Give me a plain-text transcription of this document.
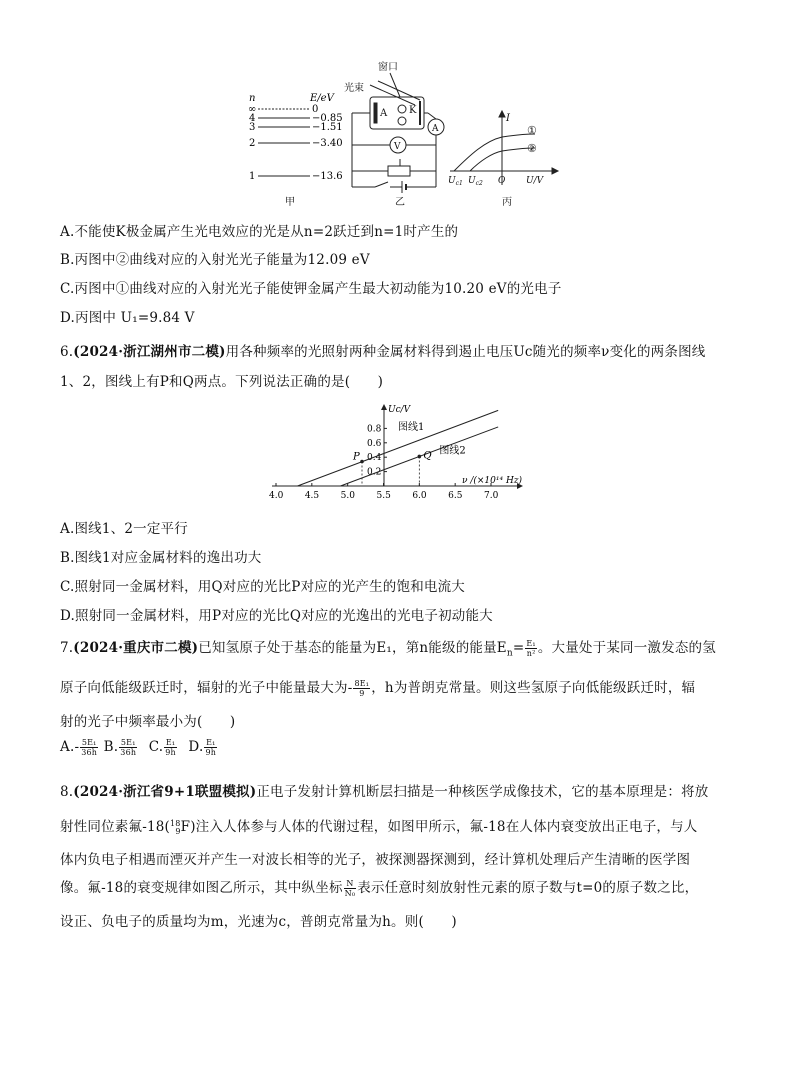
n	E/eV
∞
4
3
2
1
0
−0.85
−1.51
−3.40
−13.6
甲
窗口
光束
A K
A
V
乙
I
①
②
$U_{c1}$ $U_{c2}$ O U/V
丙
A.不能使K极金属产生光电效应的光是从n=2跃迁到n=1时产生的
B.丙图中②曲线对应的入射光光子能量为12.09 eV
C.丙图中①曲线对应的入射光光子能使钾金属产生最大初动能为10.20 eV的光电子
D.丙图中 U₁=9.84 V
6.(2024·浙江湖州市二模)用各种频率的光照射两种金属材料得到遏止电压Uc随光的频率ν变化的两条图线
1、2，图线上有P和Q两点。下列说法正确的是(　　)
Uc/V
ν /(×10¹⁴ Hz)
4.0 4.5 5.0 5.5 6.0 6.5 7.0
0.2
0.4
0.6
0.8 图线1
图线2
P	Q
A.图线1、2一定平行
B.图线1对应金属材料的逸出功大
C.照射同一金属材料，用Q对应的光比P对应的光产生的饱和电流大
D.照射同一金属材料，用P对应的光比Q对应的光逸出的光电子初动能大
7.(2024·重庆市二模)已知氢原子处于基态的能量为E₁，第n能级的能量$E_n= \frac{\text{E₁}}{\text{n²}}$ 。大量处于某同一激发态的氢
原子向低能级跃迁时，辐射的光子中能量最大为- $\frac{\text{8E₁}}{9}$ ，h为普朗克常量。则这些氢原子向低能级跃迁时，辐
射的光子中频率最小为(　　)
$A.- \frac{\text{5E₁}}{36h} B$. $\frac{\text{5E₁}}{36h} C$. $\frac{\text{E₁}}{9h} D$. $\frac{\text{E₁}}{9h}$
8.(2024·浙江省9+1联盟模拟)正电子发射计算机断层扫描是一种核医学成像技术，它的基本原理是：将放
射性同位素氟-18( 18
9 F)注入人体参与人体的代谢过程，如图甲所示，氟-18在人体内衰变放出正电子，与人
体内负电子相遇而湮灭并产生一对波长相等的光子，被探测器探测到，经计算机处理后产生清晰的医学图
像。氟-18的衰变规律如图乙所示，其中纵坐标 $\frac{N}{\text{N₀}}$ 表示任意时刻放射性元素的原子数与t=0的原子数之比，
设正、负电子的质量均为m，光速为c，普朗克常量为h。则(　　)
